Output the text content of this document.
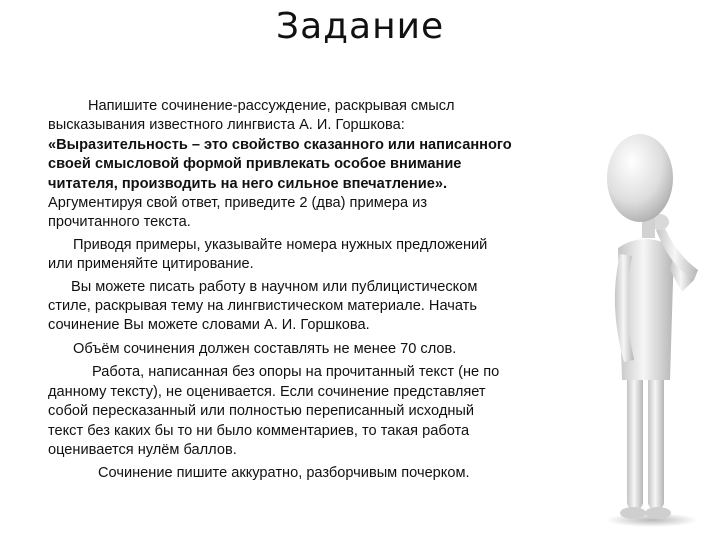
Задание

Напишите сочинение-рассуждение, раскрывая смысл

высказывания известного лингвиста А. И. Горшкова:

«Выразительность – это свойство сказанного или написанного

своей смысловой формой привлекать особое внимание

читателя, производить на него сильное впечатление».

Аргументируя свой ответ, приведите 2 (два) примера из

прочитанного текста.

Приводя примеры, указывайте номера нужных предложений

или применяйте цитирование.

Вы можете писать работу в научном или публицистическом

стиле, раскрывая тему на лингвистическом материале. Начать

сочинение Вы можете словами А. И. Горшкова.

Объём сочинения должен составлять не менее 70 слов.

Работа, написанная без опоры на прочитанный текст (не по

данному тексту), не оценивается. Если сочинение представляет

собой пересказанный или полностью переписанный исходный

текст без каких бы то ни было комментариев, то такая работа

оценивается нулём баллов.

Сочинение пишите аккуратно, разборчивым почерком.
